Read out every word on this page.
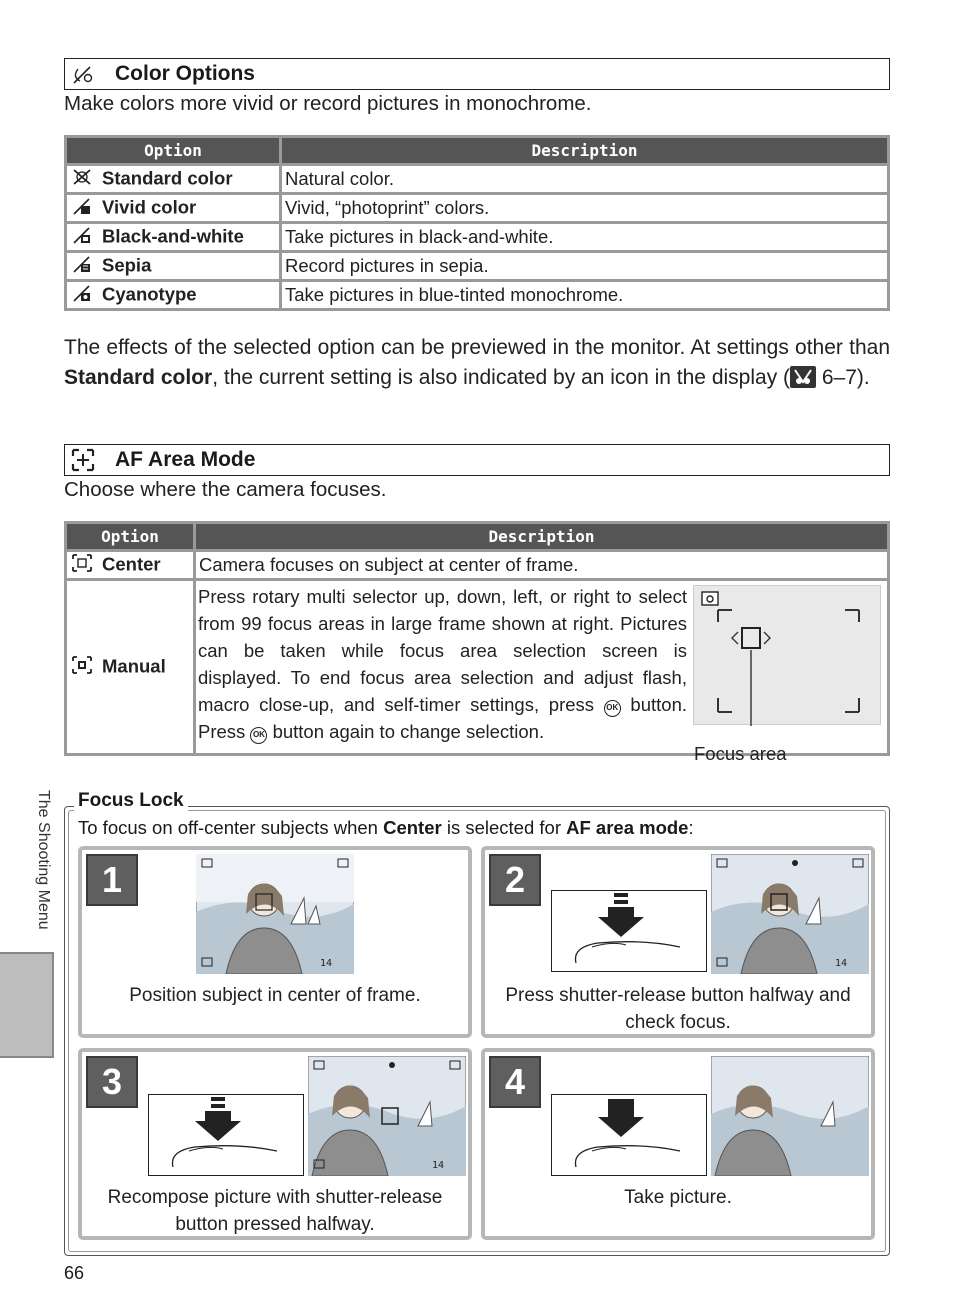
Color Options
Make colors more vivid or record pictures in monochrome.
Option	Description
Standard color	Natural color.
Vivid color	Vivid, “photoprint” colors.
Black-and-white	Take pictures in black-and-white.
Sepia	Record pictures in sepia.
Cyanotype	Take pictures in blue-tinted monochrome.
The effects of the selected option can be previewed in the monitor. At settings other than Standard color, the current setting is also indicated by an icon in the display ( 6–7).
AF Area Mode
Choose where the camera focuses.
Option	Description
Center	Camera focuses on subject at center of frame.
Manual	Press rotary multi selector up, down, left, or right to select from 99 focus areas in large frame shown at right. Pictures can be taken while focus area selection screen is displayed. To end focus area selection and adjust flash, macro close-up, and self-timer settings, press OK button. Press OK button again to change selection.
Focus area
The Shooting Menu Focus Lock
To focus on off-center subjects when Center is selected for AF area mode:
1
14
Position subject in center of frame.
2
14
Press shutter-release button halfway and check focus.
3
14
Recompose picture with shutter-release button pressed halfway.
4
Take picture.
66
